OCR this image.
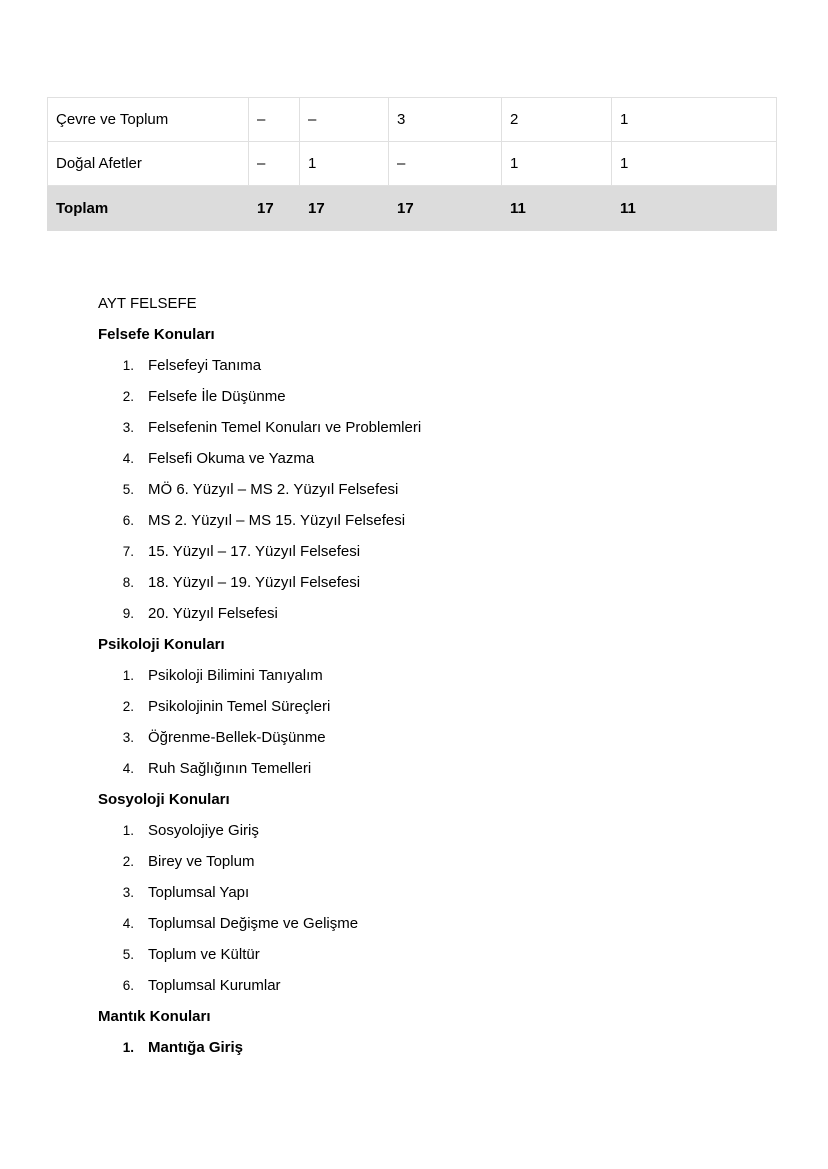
Çevre ve Toplum	–	–	3	2	1
Doğal Afetler	–	1	–	1	1
Toplam	17	17	17	11	11
AYT FELSEFE
Felsefe Konuları
1. Felsefeyi Tanıma
2. Felsefe İle Düşünme
3. Felsefenin Temel Konuları ve Problemleri
4. Felsefi Okuma ve Yazma
5. MÖ 6. Yüzyıl – MS 2. Yüzyıl Felsefesi
6. MS 2. Yüzyıl – MS 15. Yüzyıl Felsefesi
7. 15. Yüzyıl – 17. Yüzyıl Felsefesi
8. 18. Yüzyıl – 19. Yüzyıl Felsefesi
9. 20. Yüzyıl Felsefesi
Psikoloji Konuları
1. Psikoloji Bilimini Tanıyalım
2. Psikolojinin Temel Süreçleri
3. Öğrenme-Bellek-Düşünme
4. Ruh Sağlığının Temelleri
Sosyoloji Konuları
1. Sosyolojiye Giriş
2. Birey ve Toplum
3. Toplumsal Yapı
4. Toplumsal Değişme ve Gelişme
5. Toplum ve Kültür
6. Toplumsal Kurumlar
Mantık Konuları
1. Mantığa Giriş
